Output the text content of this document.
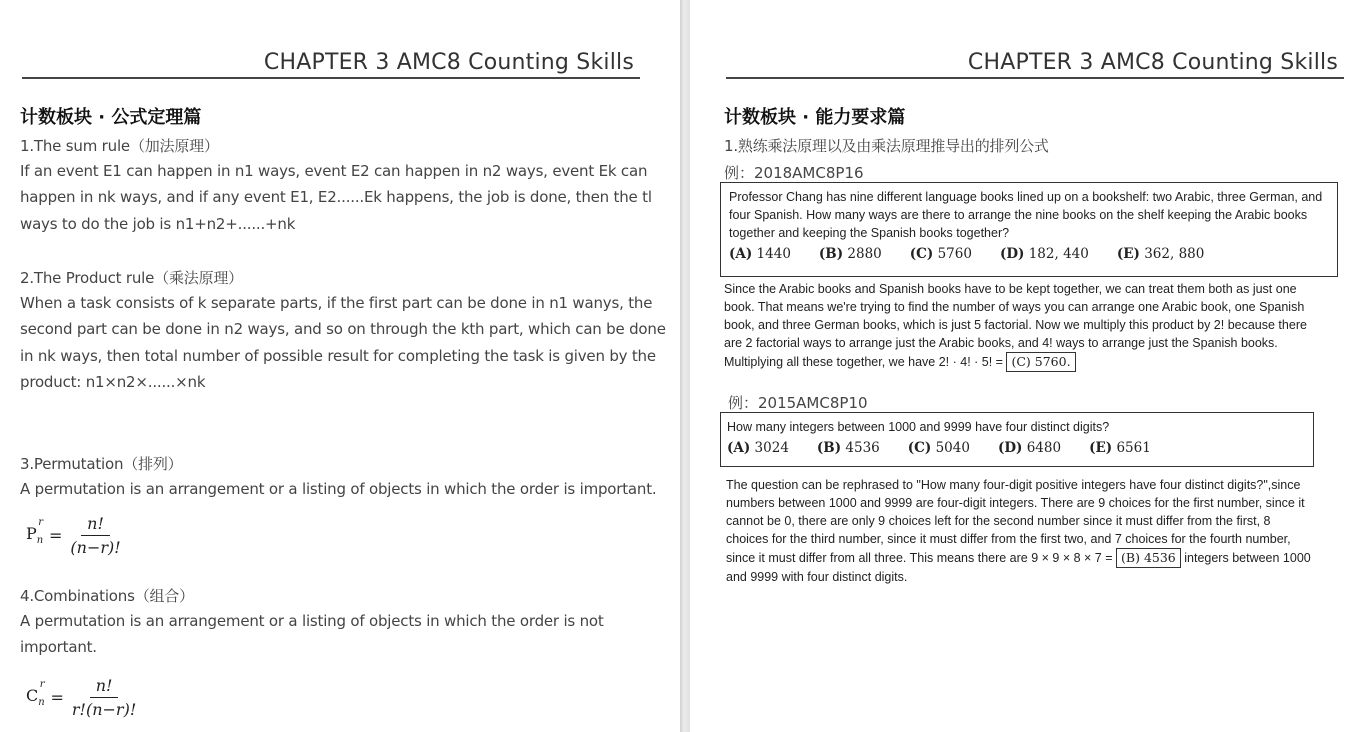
CHAPTER 3 AMC8 Counting Skills
计数板块 · 公式定理篇
1.The sum rule（加法原理）
If an event E1 can happen in n1 ways, event E2 can happen in n2 ways, event Ek can
happen in nk ways, and if any event E1, E2......Ek happens, the job is done, then the tl
ways to do the job is n1+n2+......+nk
2.The Product rule（乘法原理）
When a task consists of k separate parts, if the first part can be done in n1 wanys, the
second part can be done in n2 ways, and so on through the kth part, which can be done
in nk ways, then total number of possible result for completing the task is given by the
product: n1×n2×......×nk
3.Permutation（排列）
A permutation is an arrangement or a listing of objects in which the order is important.
$P_n^r$
= $\frac{n!}{(n-r)!}$
4.Combinations（组合）
A permutation is an arrangement or a listing of objects in which the order is not
important.
$C_n^r$
= $\frac{n!}{r!(n-r)!}$
CHAPTER 3 AMC8 Counting Skills
计数板块 · 能力要求篇
1.熟练乘法原理以及由乘法原理推导出的排列公式
例：2018AMC8P16
Professor Chang has nine different language books lined up on a bookshelf: two Arabic, three German, and four Spanish. How many ways are there to arrange the nine books on the shelf keeping the Arabic books together and keeping the Spanish books together?
(A) 1440 (B) 2880 (C) 5760 (D) 182, 440 (E) 362, 880
Since the Arabic books and Spanish books have to be kept together, we can treat them both as just one book. That means we're trying to find the number of ways you can arrange one Arabic book, one Spanish book, and three German books, which is just 5 factorial. Now we multiply this product by 2! because there are 2 factorial ways to arrange just the Arabic books, and 4! ways to arrange just the Spanish books. Multiplying all these together, we have 2! · 4! · 5! = (C) 5760.
例：2015AMC8P10
How many integers between 1000 and 9999 have four distinct digits?
(A) 3024 (B) 4536 (C) 5040 (D) 6480 (E) 6561
The question can be rephrased to "How many four-digit positive integers have four distinct digits?",since numbers between 1000 and 9999 are four-digit integers. There are 9 choices for the first number, since it cannot be 0, there are only 9 choices left for the second number since it must differ from the first, 8 choices for the third number, since it must differ from the first two, and 7 choices for the fourth number, since it must differ from all three. This means there are 9 × 9 × 8 × 7 = (B) 4536 integers between 1000 and 9999 with four distinct digits.
